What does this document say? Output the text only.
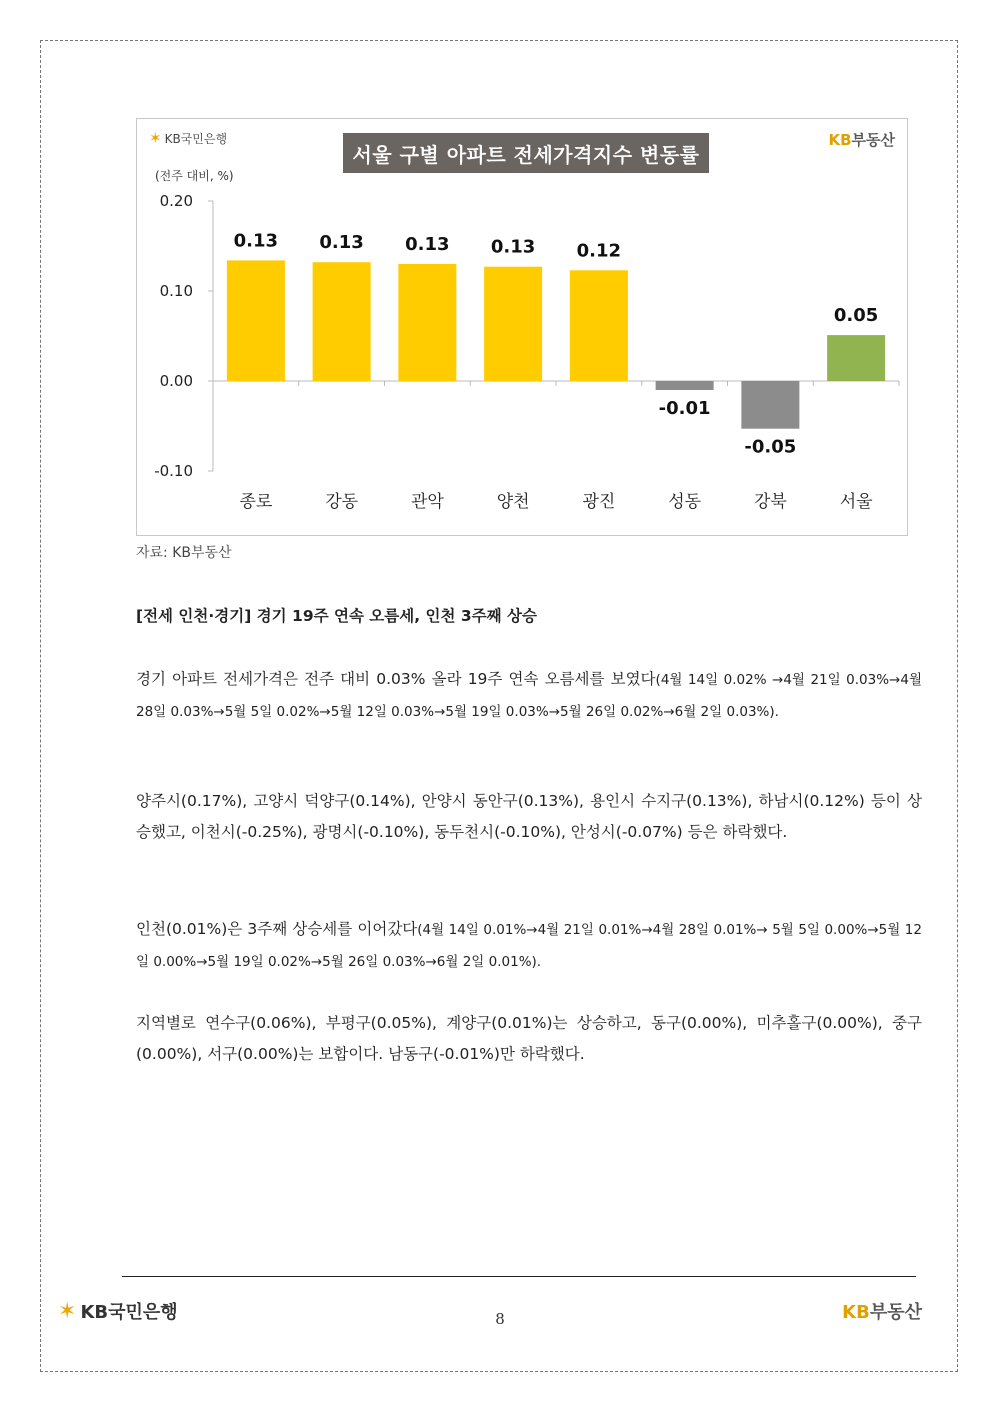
✶ KB국민은행
서울 구별 아파트 전세가격지수 변동률
KB부동산
(전주 대비, %)
0.20
0.10
0.00
-0.10
0.13
종로
0.13
강동
0.13
관악
0.13
양천
0.12
광진
-0.01
성동
-0.05
강북
0.05
서울
자료: KB부동산
[전세 인천·경기] 경기 19주 연속 오름세, 인천 3주째 상승
경기 아파트 전세가격은 전주 대비 0.03% 올라 19주 연속 오름세를 보였다(4월 14일 0.02% →4월 21일 0.03%→4월 28일 0.03%→5월 5일 0.02%→5월 12일 0.03%→5월 19일 0.03%→5월 26일 0.02%→6월 2일 0.03%).
양주시(0.17%), 고양시 덕양구(0.14%), 안양시 동안구(0.13%), 용인시 수지구(0.13%), 하남시(0.12%) 등이 상승했고, 이천시(-0.25%), 광명시(-0.10%), 동두천시(-0.10%), 안성시(-0.07%) 등은 하락했다.
인천(0.01%)은 3주째 상승세를 이어갔다(4월 14일 0.01%→4월 21일 0.01%→4월 28일 0.01%→ 5월 5일 0.00%→5월 12일 0.00%→5월 19일 0.02%→5월 26일 0.03%→6월 2일 0.01%).
지역별로 연수구(0.06%), 부평구(0.05%), 계양구(0.01%)는 상승하고, 동구(0.00%), 미추홀구(0.00%), 중구(0.00%), 서구(0.00%)는 보합이다. 남동구(-0.01%)만 하락했다.
✶ KB국민은행	8	KB부동산
